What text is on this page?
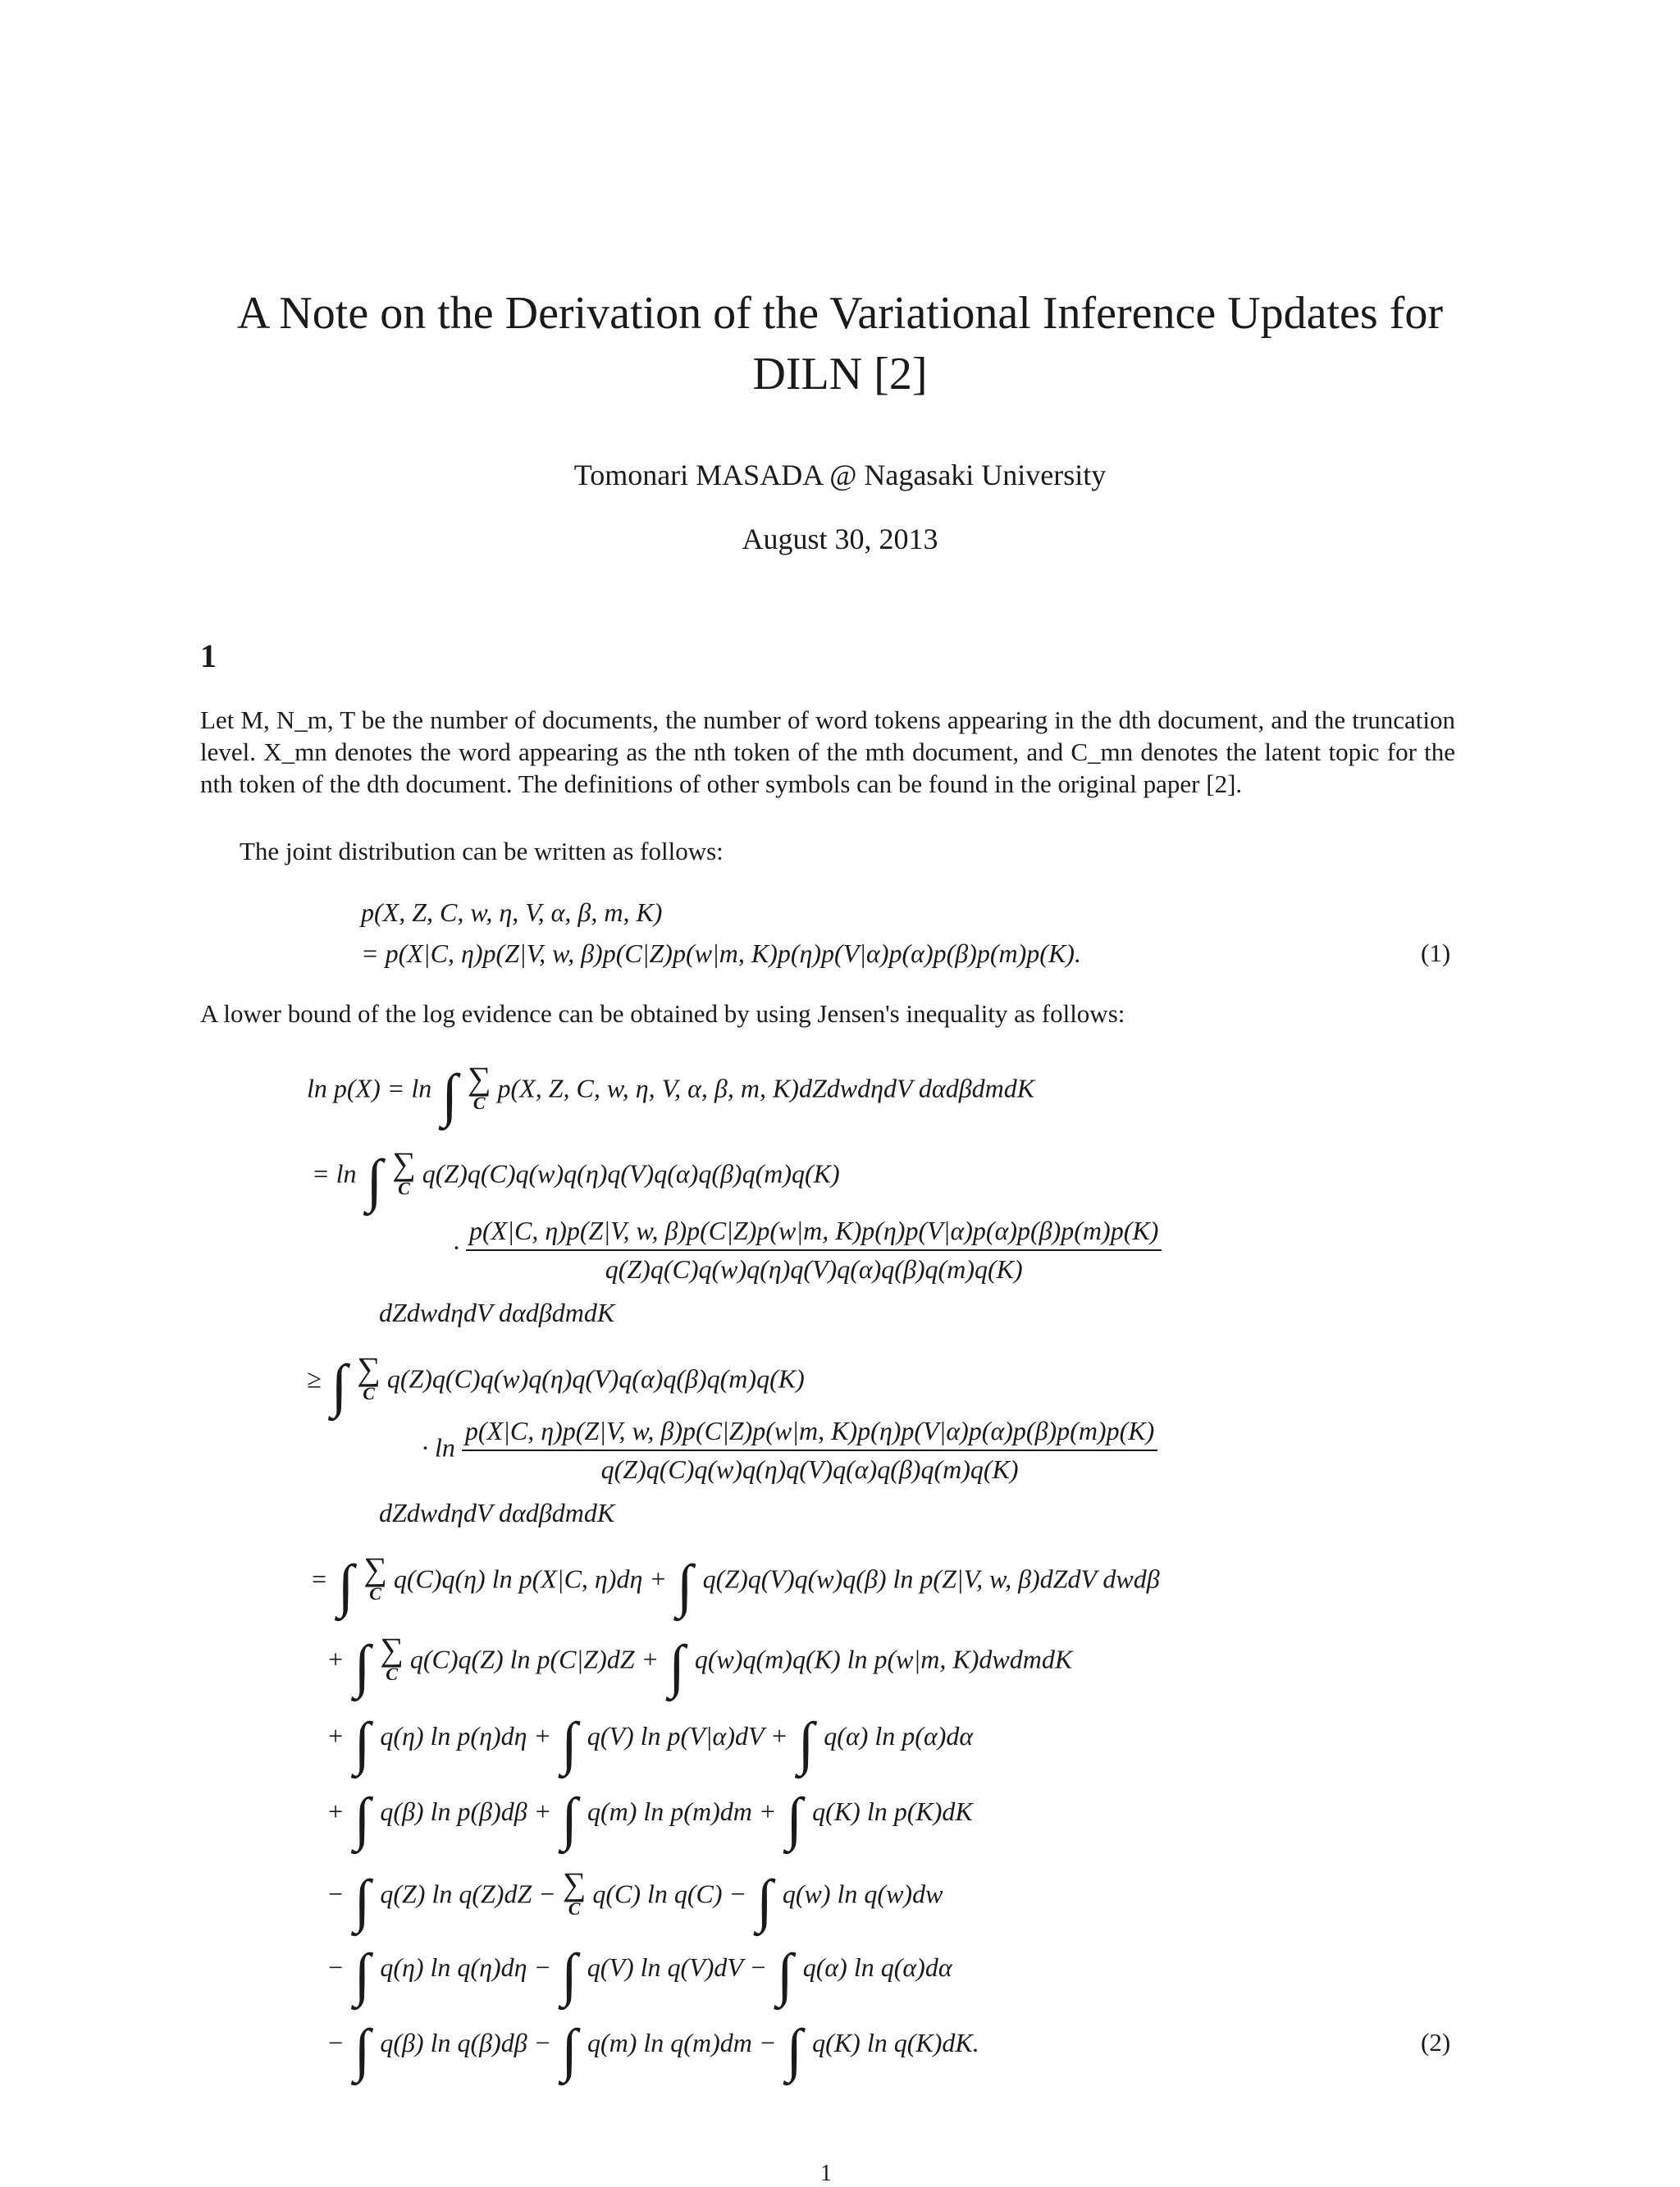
A Note on the Derivation of the Variational Inference Updates for
DILN [2]
Tomonari MASADA @ Nagasaki University
August 30, 2013
1
Let M, N_m, T be the number of documents, the number of word tokens appearing in the dth document, and the truncation level. X_mn denotes the word appearing as the nth token of the mth document, and C_mn denotes the latent topic for the nth token of the dth document. The definitions of other symbols can be found in the original paper [2].
The joint distribution can be written as follows:
p(X, Z, C, w, η, V, α, β, m, K)
= p(X|C, η)p(Z|V, w, β)p(C|Z)p(w|m, K)p(η)p(V|α)p(α)p(β)p(m)p(K).	(1)
A lower bound of the log evidence can be obtained by using Jensen's inequality as follows:
ln p(X) = ln ∫ ∑
C
p(X, Z, C, w, η, V, α, β, m, K)dZdwdηdV dαdβdmdK
= ln ∫ ∑
C
q(Z)q(C)q(w)q(η)q(V)q(α)q(β)q(m)q(K)
·
p(X|C, η)p(Z|V, w, β)p(C|Z)p(w|m, K)p(η)p(V|α)p(α)p(β)p(m)p(K)
q(Z)q(C)q(w)q(η)q(V)q(α)q(β)q(m)q(K)
dZdwdηdV dαdβdmdK
≥ ∫ ∑
C
q(Z)q(C)q(w)q(η)q(V)q(α)q(β)q(m)q(K)
· ln
p(X|C, η)p(Z|V, w, β)p(C|Z)p(w|m, K)p(η)p(V|α)p(α)p(β)p(m)p(K)
q(Z)q(C)q(w)q(η)q(V)q(α)q(β)q(m)q(K)
dZdwdηdV dαdβdmdK
= ∫ ∑
C
q(C)q(η) ln p(X|C, η)dη + ∫ q(Z)q(V)q(w)q(β) ln p(Z|V, w, β)dZdV dwdβ
+ ∫ ∑
C
q(C)q(Z) ln p(C|Z)dZ + ∫ q(w)q(m)q(K) ln p(w|m, K)dwdmdK
+ ∫ q(η) ln p(η)dη + ∫ q(V) ln p(V|α)dV + ∫ q(α) ln p(α)dα
+ ∫ q(β) ln p(β)dβ + ∫ q(m) ln p(m)dm + ∫ q(K) ln p(K)dK
− ∫ q(Z) ln q(Z)dZ − ∑
C
q(C) ln q(C) − ∫ q(w) ln q(w)dw
− ∫ q(η) ln q(η)dη − ∫ q(V) ln q(V)dV − ∫ q(α) ln q(α)dα
− ∫ q(β) ln q(β)dβ − ∫ q(m) ln q(m)dm − ∫ q(K) ln q(K)dK.	(2)
1
